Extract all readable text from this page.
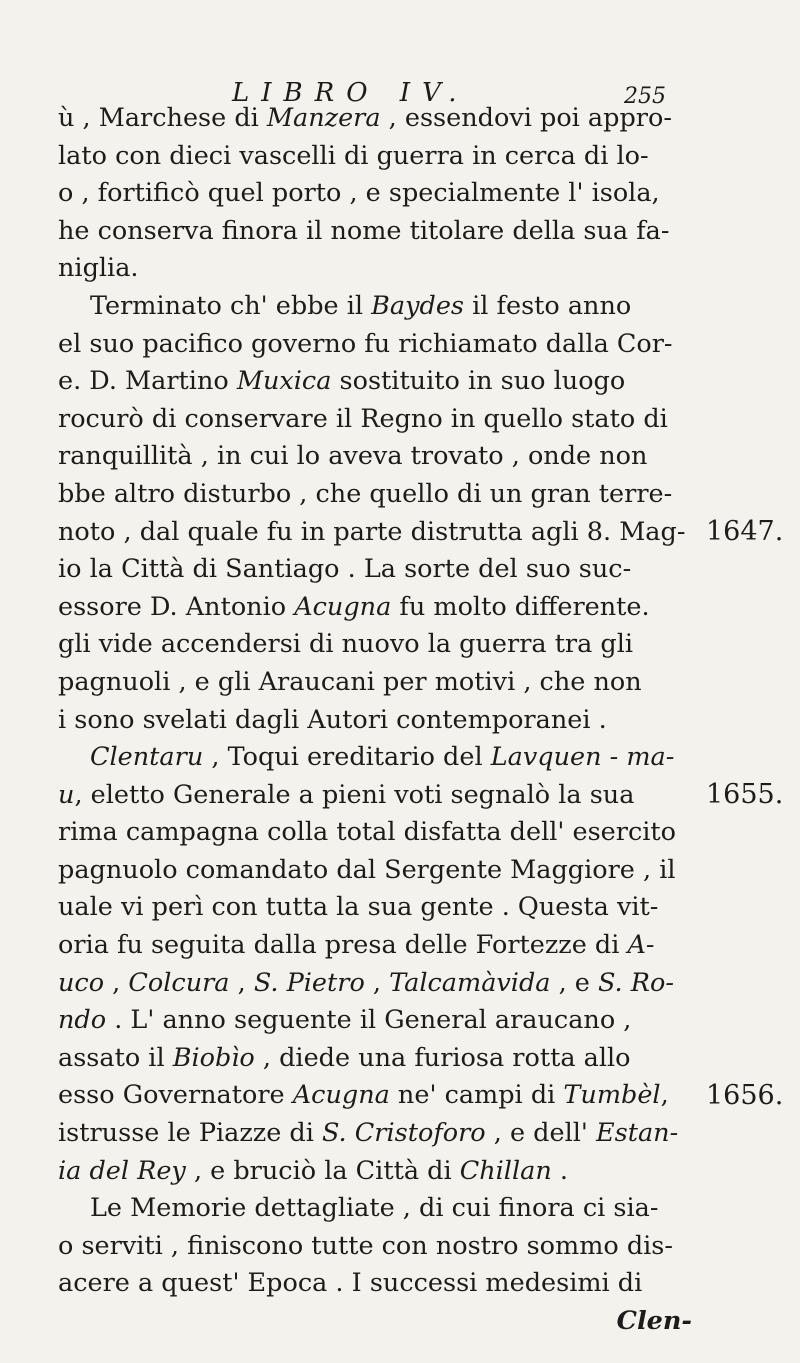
LIBRO IV.	255
ù , Marchese di Manzera , essendovi poi appro-
lato con dieci vascelli di guerra in cerca di lo-
o , fortificò quel porto , e specialmente l' isola,
he conserva finora il nome titolare della sua fa-
niglia.
Terminato ch' ebbe il Baydes il festo anno
el suo pacifico governo fu richiamato dalla Cor-
e. D. Martino Muxica sostituito in suo luogo
rocurò di conservare il Regno in quello stato di
ranquillità , in cui lo aveva trovato , onde non
bbe altro disturbo , che quello di un gran terre-
noto , dal quale fu in parte distrutta agli 8. Mag-
io la Città di Santiago . La sorte del suo suc-
essore D. Antonio Acugna fu molto differente.
gli vide accendersi di nuovo la guerra tra gli
pagnuoli , e gli Araucani per motivi , che non
i sono svelati dagli Autori contemporanei .
Clentaru , Toqui ereditario del Lavquen - ma-
u, eletto Generale a pieni voti segnalò la sua
rima campagna colla total disfatta dell' esercito
pagnuolo comandato dal Sergente Maggiore , il
uale vi perì con tutta la sua gente . Questa vit-
oria fu seguita dalla presa delle Fortezze di A-
uco , Colcura , S. Pietro , Talcamàvida , e S. Ro-
ndo . L' anno seguente il General araucano ,
assato il Biobìo , diede una furiosa rotta allo
esso Governatore Acugna ne' campi di Tumbèl,
istrusse le Piazze di S. Cristoforo , e dell' Estan-
ia del Rey , e bruciò la Città di Chillan .
Le Memorie dettagliate , di cui finora ci sia-
o serviti , finiscono tutte con nostro sommo dis-
acere a quest' Epoca . I successi medesimi di
Clen-
1647.
1655.
1656.
